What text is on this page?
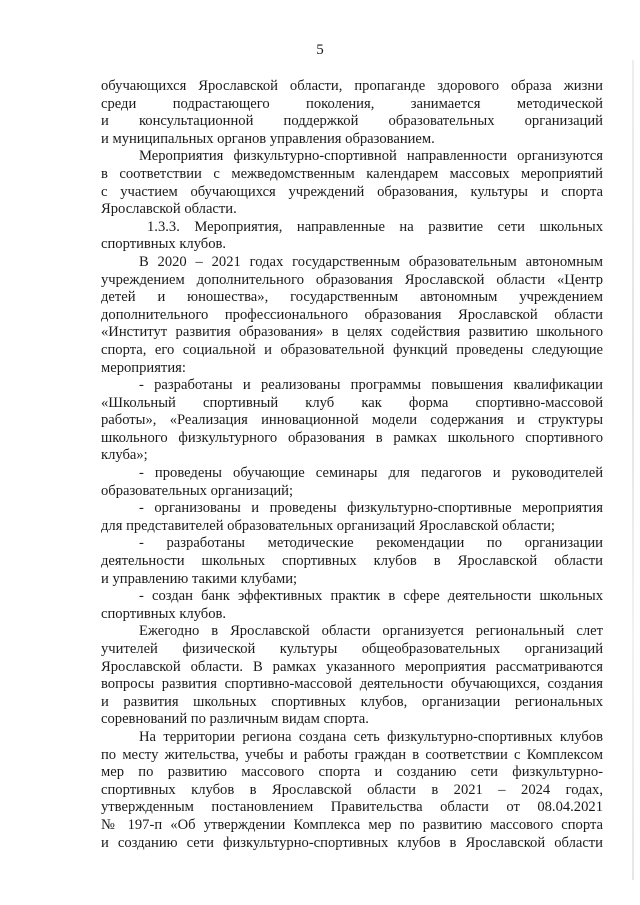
5
обучающихся Ярославской области, пропаганде здорового образа жизни
среди подрастающего поколения, занимается методической
и консультационной поддержкой образовательных организаций
и муниципальных органов управления образованием.
Мероприятия физкультурно-спортивной направленности организуются
в соответствии с межведомственным календарем массовых мероприятий
с участием обучающихся учреждений образования, культуры и спорта
Ярославской области.
1.3.3. Мероприятия, направленные на развитие сети школьных
спортивных клубов.
В 2020 – 2021 годах государственным образовательным автономным
учреждением дополнительного образования Ярославской области «Центр
детей и юношества», государственным автономным учреждением
дополнительного профессионального образования Ярославской области
«Институт развития образования» в целях содействия развитию школьного
спорта, его социальной и образовательной функций проведены следующие
мероприятия:
- разработаны и реализованы программы повышения квалификации
«Школьный спортивный клуб как форма спортивно-массовой
работы», «Реализация инновационной модели содержания и структуры
школьного физкультурного образования в рамках школьного спортивного
клуба»;
- проведены обучающие семинары для педагогов и руководителей
образовательных организаций;
- организованы и проведены физкультурно-спортивные мероприятия
для представителей образовательных организаций Ярославской области;
- разработаны методические рекомендации по организации
деятельности школьных спортивных клубов в Ярославской области
и управлению такими клубами;
- создан банк эффективных практик в сфере деятельности школьных
спортивных клубов.
Ежегодно в Ярославской области организуется региональный слет
учителей физической культуры общеобразовательных организаций
Ярославской области. В рамках указанного мероприятия рассматриваются
вопросы развития спортивно-массовой деятельности обучающихся, создания
и развития школьных спортивных клубов, организации региональных
соревнований по различным видам спорта.
На территории региона создана сеть физкультурно-спортивных клубов
по месту жительства, учебы и работы граждан в соответствии с Комплексом
мер по развитию массового спорта и созданию сети физкультурно-
спортивных клубов в Ярославской области в 2021 – 2024 годах,
утвержденным постановлением Правительства области от 08.04.2021
№ 197-п «Об утверждении Комплекса мер по развитию массового спорта
и созданию сети физкультурно-спортивных клубов в Ярославской области
